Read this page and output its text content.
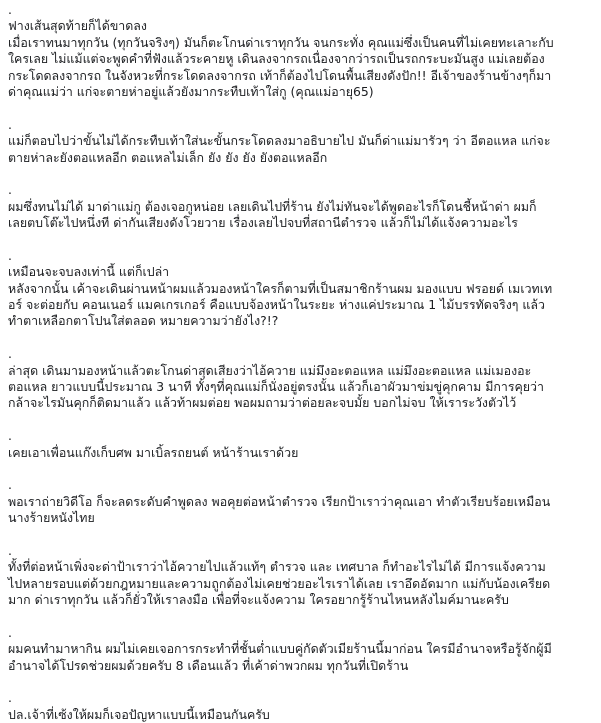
.
ฟางเส้นสุดท้ายก็ได้ขาดลง
เมื่อเราทนมาทุกวัน (ทุกวันจริงๆ) มันก็ตะโกนด่าเราทุกวัน จนกระทั่ง คุณแม่ซึ่งเป็นคนที่ไม่เคยทะเลาะกับ
ใครเลย ไม่แม้แต่จะพูดคำที่ฟังแล้วระคายหู เดินลงจากรถเนื่องจากว่ารถเป็นรถกระบะมันสูง แม่เลยต้อง
กระโดดลงจากรถ ในจังหวะที่กระโดดลงจากรถ เท้าก็ต้องไปโดนพื้นเสียงดังปัก!! อีเจ้าของร้านข้างๆก็มา
ด่าคุณแม่ว่า แก่จะตายห่าอยู่แล้วยังมากระทืบเท้าใส่กู (คุณแม่อายุ65)
.
แม่ก็ตอบไปว่าขั้นไม่ได้กระทืบเท้าใส่นะขั้นกระโดดลงมาอธิบายไป มันก็ด่าแม่มารัวๆ ว่า อีตอแหล แก่จะ
ตายห่าละยังตอแหลอีก ตอแหลไม่เล็ก ยัง ยัง ยัง ยังตอแหลอีก
.
ผมซึ่งทนไม่ได้ มาด่าแม่กู ต้องเจอกูหน่อย เลยเดินไปที่ร้าน ยังไม่ทันจะได้พูดอะไรก็โดนชี้หน้าด่า ผมก็
เลยตบโต๊ะไปหนึ่งที ด่ากันเสียงดังโวยวาย เรื่องเลยไปจบที่สถานีตำรวจ แล้วก็ไม่ได้แจ้งความอะไร
.
เหมือนจะจบลงเท่านี้ แต่ก็เปล่า
หลังจากนั้น เค้าจะเดินผ่านหน้าผมแล้วมองหน้าใครก็ตามที่เป็นสมาชิกร้านผม มองแบบ ฟรอยด์ เมเวทเท
อร์ จะต่อยกับ คอนเนอร์ แมคเกรเกอร์ คือแบบจ้องหน้าในระยะ ห่างแค่ประมาณ 1 ไม้บรรทัดจริงๆ แล้ว
ทำตาเหลือกตาโปนใส่ตลอด หมายความว่ายังไง?!?
.
ล่าสุด เดินมามองหน้าแล้วตะโกนด่าสุดเสียงว่าไอ้ควาย แม่มึงอะตอแหล แม่มึงอะตอแหล แม่เมองอะ
ตอแหล ยาวแบบนี้ประมาณ 3 นาที ทั้งๆที่คุณแม่ก็นั่งอยู่ตรงนั้น แล้วก็เอาผัวมาข่มขู่คุกคาม มีการคุยว่า
กล้าจะไรมันคุกก็ติดมาแล้ว แล้วท้าผมต่อย พอผมถามว่าต่อยละจบมั้ย บอกไม่จบ ให้เราระวังตัวไว้
.
เคยเอาเพื่อนแก๊งเก็บศพ มาเบิ้ลรถยนต์ หน้าร้านเราด้วย
.
พอเราถ่ายวิดีโอ ก็จะลดระดับคำพูดลง พอคุยต่อหน้าตำรวจ เรียกป้าเราว่าคุณเอา ทำตัวเรียบร้อยเหมือน
นางร้ายหนังไทย
.
ทั้งที่ต่อหน้าเพิ่งจะด่าป้าเราว่าไอ้ควายไปแล้วแท้ๆ ตำรวจ และ เทศบาล ก็ทำอะไรไม่ได้ มีการแจ้งความ
ไปหลายรอบแต่ด้วยกฎหมายและความถูกต้องไม่เคยช่วยอะไรเราได้เลย เราอึดอัดมาก แม่กับน้องเครียด
มาก ด่าเราทุกวัน แล้วก็ยั่วให้เราลงมือ เพื่อที่จะแจ้งความ ใครอยากรู้ร้านไหนหลังไมค์มานะครับ
.
ผมคนทำมาหากิน ผมไม่เคยเจอการกระทำที่ชั้นต่ำแบบคู่กัดตัวเมียร้านนี้มาก่อน ใครมีอำนาจหรือรู้จักผู้มี
อำนาจได้โปรดช่วยผมด้วยครับ 8 เดือนแล้ว ที่เค้าด่าพวกผม ทุกวันที่เปิดร้าน
.
ปล.เจ้าที่เซ้งให้ผมก็เจอปัญหาแบบนี้เหมือนกันครับ
